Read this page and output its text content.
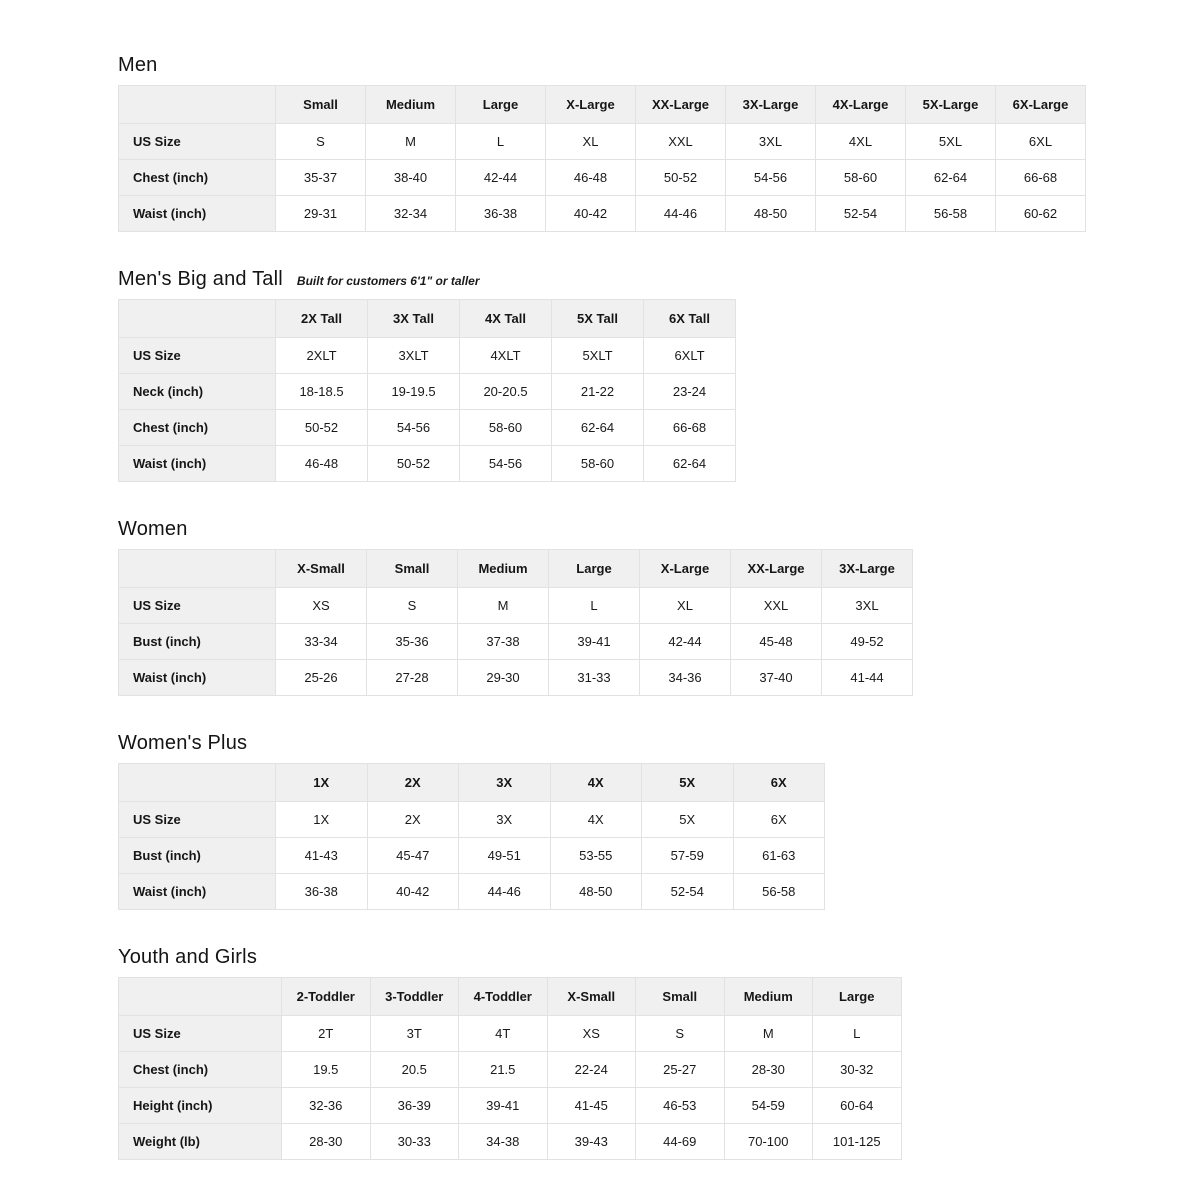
Men
	Small	Medium	Large	X-Large	XX-Large	3X-Large	4X-Large	5X-Large	6X-Large
US Size	S	M	L	XL	XXL	3XL	4XL	5XL	6XL
Chest (inch)	35-37	38-40	42-44	46-48	50-52	54-56	58-60	62-64	66-68
Waist (inch)	29-31	32-34	36-38	40-42	44-46	48-50	52-54	56-58	60-62
Men's Big and Tall Built for customers 6'1" or taller
	2X Tall	3X Tall	4X Tall	5X Tall	6X Tall
US Size	2XLT	3XLT	4XLT	5XLT	6XLT
Neck (inch)	18-18.5	19-19.5	20-20.5	21-22	23-24
Chest (inch)	50-52	54-56	58-60	62-64	66-68
Waist (inch)	46-48	50-52	54-56	58-60	62-64
Women
	X-Small	Small	Medium	Large	X-Large	XX-Large	3X-Large
US Size	XS	S	M	L	XL	XXL	3XL
Bust (inch)	33-34	35-36	37-38	39-41	42-44	45-48	49-52
Waist (inch)	25-26	27-28	29-30	31-33	34-36	37-40	41-44
Women's Plus
	1X	2X	3X	4X	5X	6X
US Size	1X	2X	3X	4X	5X	6X
Bust (inch)	41-43	45-47	49-51	53-55	57-59	61-63
Waist (inch)	36-38	40-42	44-46	48-50	52-54	56-58
Youth and Girls
	2-Toddler	3-Toddler	4-Toddler	X-Small	Small	Medium	Large
US Size	2T	3T	4T	XS	S	M	L
Chest (inch)	19.5	20.5	21.5	22-24	25-27	28-30	30-32
Height (inch)	32-36	36-39	39-41	41-45	46-53	54-59	60-64
Weight (lb)	28-30	30-33	34-38	39-43	44-69	70-100	101-125
